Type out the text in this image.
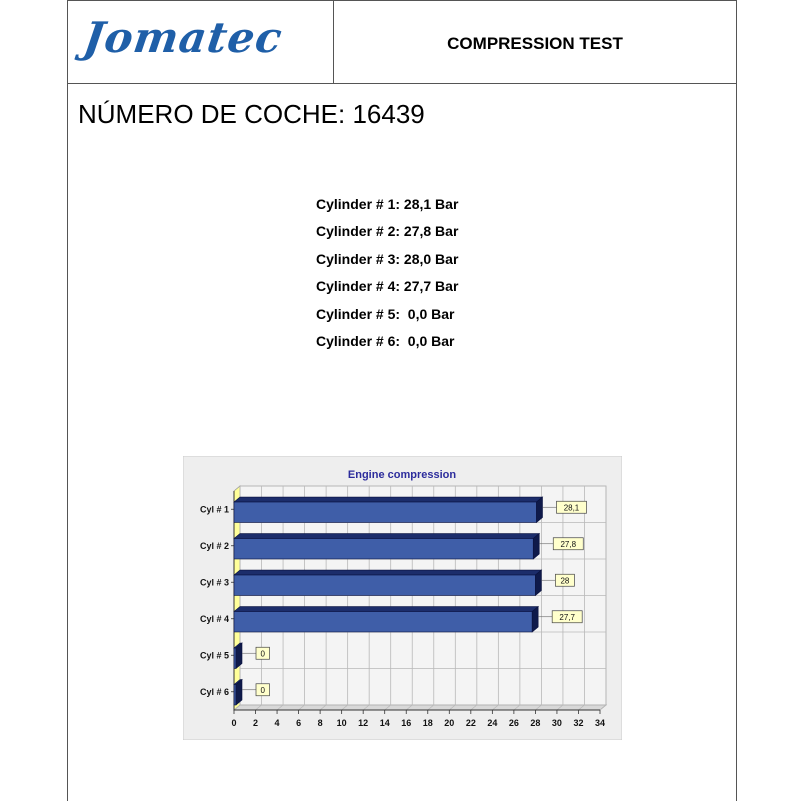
Jomatec	COMPRESSION TEST
NÚMERO DE COCHE: 16439
Cylinder # 1: 28,1 Bar
Cylinder # 2: 27,8 Bar
Cylinder # 3: 28,0 Bar
Cylinder # 4: 27,7 Bar
Cylinder # 5:  0,0 Bar
Cylinder # 6:  0,0 Bar
Engine compression
0 2 4 6 8 10 12 14 16 18 20 22 24 26 28 30 32 34
Cyl # 1	28,1
Cyl # 2	27,8
Cyl # 3	28
Cyl # 4	27,7
Cyl # 5	0
Cyl # 6	0
